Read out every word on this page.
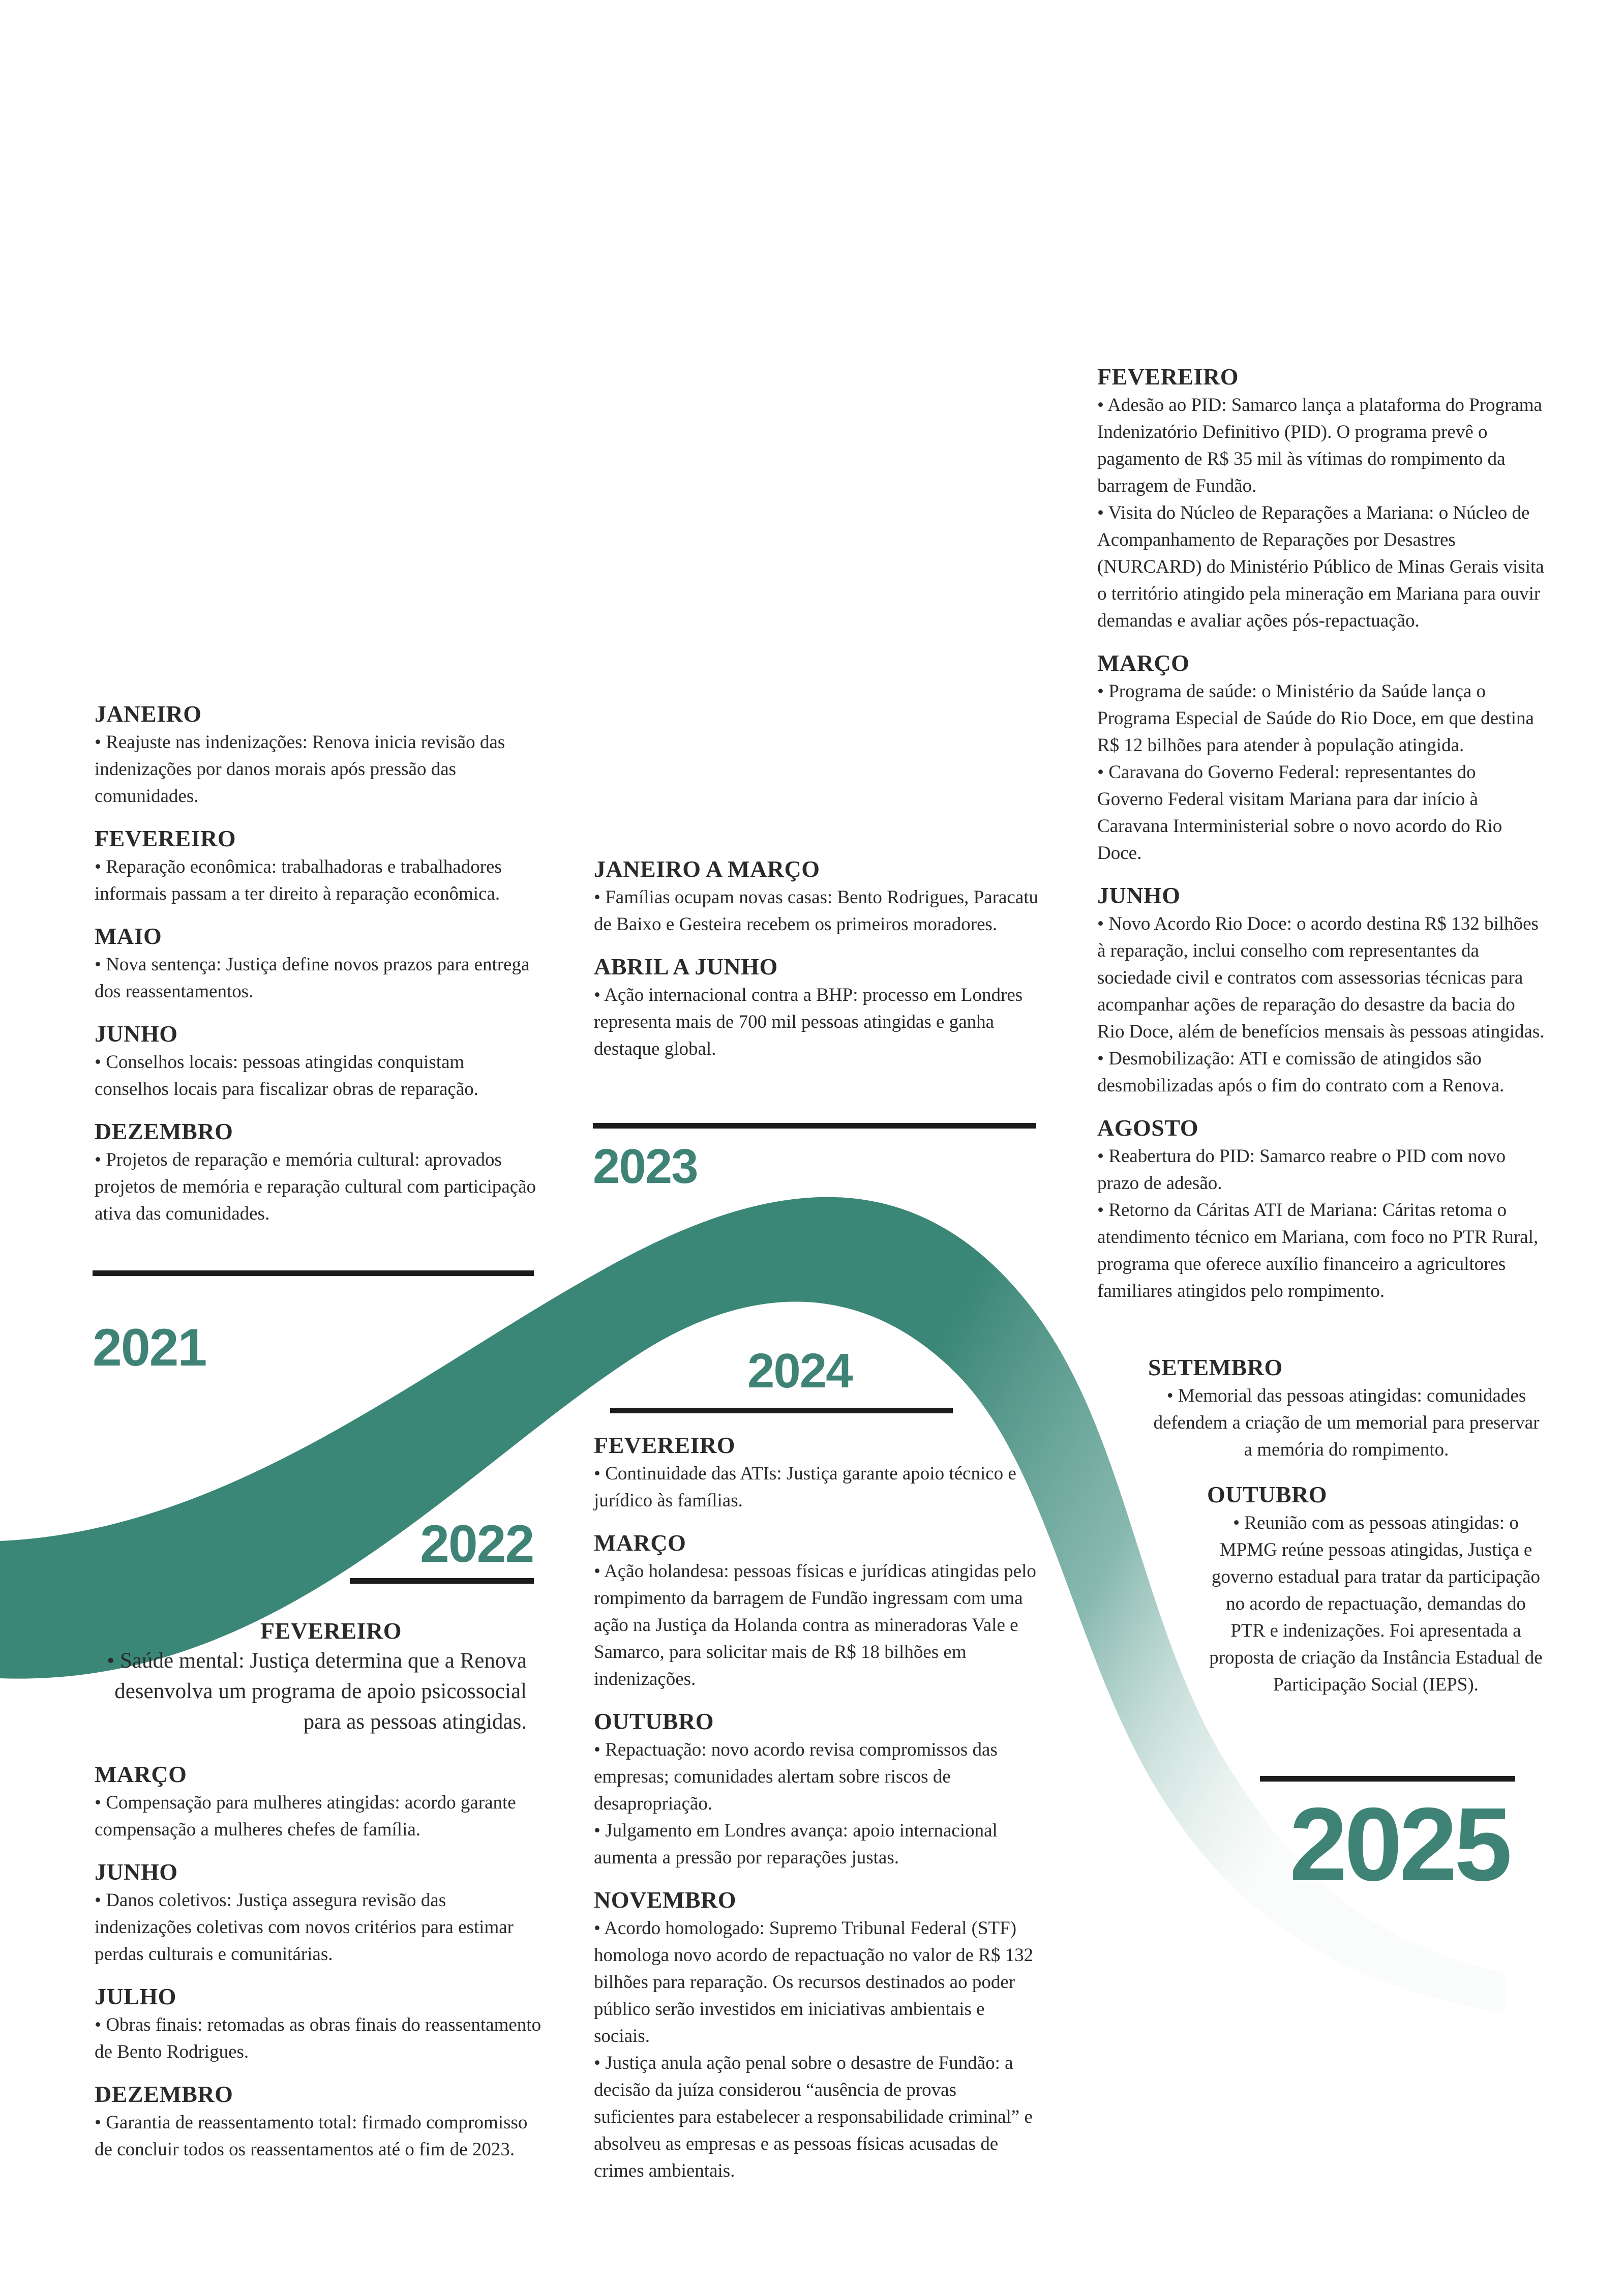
JANEIRO

• Reajuste nas indenizações: Renova inicia revisão das indenizações por danos morais após pressão das comunidades.

FEVEREIRO

• Reparação econômica: trabalhadoras e trabalhadores informais passam a ter direito à reparação econômica.

MAIO

• Nova sentença: Justiça define novos prazos para entrega dos reassentamentos.

JUNHO

• Conselhos locais: pessoas atingidas conquistam conselhos locais para fiscalizar obras de reparação.

DEZEMBRO

• Projetos de reparação e memória cultural: aprovados projetos de memória e reparação cultural com participação ativa das comunidades.

2021
2022
FEVEREIRO

• Saúde mental: Justiça determina que a Renova desenvolva um programa de apoio psicossocial para as pessoas atingidas.

MARÇO

• Compensação para mulheres atingidas: acordo garante compensação a mulheres chefes de família.

JUNHO

• Danos coletivos: Justiça assegura revisão das indenizações coletivas com novos critérios para estimar perdas culturais e comunitárias.

JULHO

• Obras finais: retomadas as obras finais do reassentamento de Bento Rodrigues.

DEZEMBRO

• Garantia de reassentamento total: firmado compromisso de concluir todos os reassentamentos até o fim de 2023.

JANEIRO A MARÇO

• Famílias ocupam novas casas: Bento Rodrigues, Paracatu de Baixo e Gesteira recebem os primeiros moradores.

ABRIL A JUNHO

• Ação internacional contra a BHP: processo em Londres representa mais de 700 mil pessoas atingidas e ganha destaque global.

2023
2024
FEVEREIRO

• Continuidade das ATIs: Justiça garante apoio técnico e jurídico às famílias.

MARÇO

• Ação holandesa: pessoas físicas e jurídicas atingidas pelo rompimento da barragem de Fundão ingressam com uma ação na Justiça da Holanda contra as mineradoras Vale e Samarco, para solicitar mais de R$ 18 bilhões em indenizações.

OUTUBRO

• Repactuação: novo acordo revisa compromissos das empresas; comunidades alertam sobre riscos de desapropriação.

• Julgamento em Londres avança: apoio internacional aumenta a pressão por reparações justas.

NOVEMBRO

• Acordo homologado: Supremo Tribunal Federal (STF) homologa novo acordo de repactuação no valor de R$ 132 bilhões para reparação. Os recursos destinados ao poder público serão investidos em iniciativas ambientais e sociais.

• Justiça anula ação penal sobre o desastre de Fundão: a decisão da juíza considerou “ausência de provas suficientes para estabelecer a responsabilidade criminal” e absolveu as empresas e as pessoas físicas acusadas de crimes ambientais.

FEVEREIRO

• Adesão ao PID: Samarco lança a plataforma do Programa Indenizatório Definitivo (PID). O programa prevê o pagamento de R$ 35 mil às vítimas do rompimento da barragem de Fundão.

• Visita do Núcleo de Reparações a Mariana: o Núcleo de Acompanhamento de Reparações por Desastres (NURCARD) do Ministério Público de Minas Gerais visita o território atingido pela mineração em Mariana para ouvir demandas e avaliar ações pós-repactuação.

MARÇO

• Programa de saúde: o Ministério da Saúde lança o Programa Especial de Saúde do Rio Doce, em que destina R$ 12 bilhões para atender à população atingida.

• Caravana do Governo Federal: representantes do Governo Federal visitam Mariana para dar início à Caravana Interministerial sobre o novo acordo do Rio Doce.

JUNHO

• Novo Acordo Rio Doce: o acordo destina R$ 132 bilhões à reparação, inclui conselho com representantes da sociedade civil e contratos com assessorias técnicas para acompanhar ações de reparação do desastre da bacia do Rio Doce, além de benefícios mensais às pessoas atingidas.

• Desmobilização: ATI e comissão de atingidos são desmobilizadas após o fim do contrato com a Renova.

AGOSTO

• Reabertura do PID: Samarco reabre o PID com novo prazo de adesão.

• Retorno da Cáritas ATI de Mariana: Cáritas retoma o atendimento técnico em Mariana, com foco no PTR Rural, programa que oferece auxílio financeiro a agricultores familiares atingidos pelo rompimento.

SETEMBRO

• Memorial das pessoas atingidas: comunidades defendem a criação de um memorial para preservar a memória do rompimento.

OUTUBRO

• Reunião com as pessoas atingidas: o MPMG reúne pessoas atingidas, Justiça e governo estadual para tratar da participação no acordo de repactuação, demandas do PTR e indenizações. Foi apresentada a proposta de criação da Instância Estadual de Participação Social (IEPS).

2025
